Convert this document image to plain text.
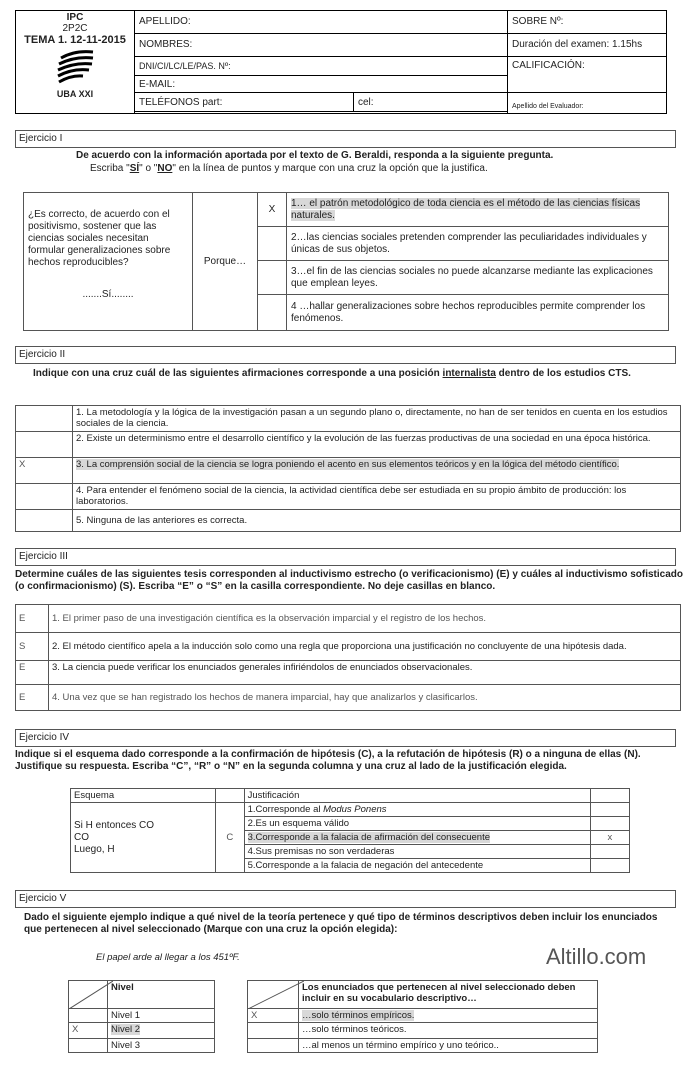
IPC
2P2C
TEMA 1. 12-11-2015
UBA XXI	APELLIDO:		SOBRE Nº:
	NOMBRES:		Duración del examen: 1.15hs
	DNI/CI/LC/LE/PAS. Nº:		CALIFICACIÓN:
	E-MAIL:		
	TELÉFONOS part:	cel:	Apellido del Evaluador:

Ejercicio I
De acuerdo con la información aportada por el texto de G. Beraldi, responda a la siguiente pregunta.
Escriba "SÍ" o "NO" en la línea de puntos y marque con una cruz la opción que la justifica.
¿Es correcto, de acuerdo con el positivismo, sostener que las ciencias sociales necesitan formular generalizaciones sobre hechos reproducibles?
.......Sí........	Porque…	X	1… el patrón metodológico de toda ciencia es el método de las ciencias físicas naturales.
			2…las ciencias sociales pretenden comprender las peculiaridades individuales y únicas de sus objetos.
			3…el fin de las ciencias sociales no puede alcanzarse mediante las explicaciones que emplean leyes.
			4 …hallar generalizaciones sobre hechos reproducibles permite comprender los fenómenos.
Ejercicio II
Indique con una cruz cuál de las siguientes afirmaciones corresponde a una posición internalista dentro de los estudios CTS.
	1. La metodología y la lógica de la investigación pasan a un segundo plano o, directamente, no han de ser tenidos en cuenta en los estudios sociales de la ciencia.
	2. Existe un determinismo entre el desarrollo científico y la evolución de las fuerzas productivas de una sociedad en una época histórica.
X	3. La comprensión social de la ciencia se logra poniendo el acento en sus elementos teóricos y en la lógica del método científico.
	4. Para entender el fenómeno social de la ciencia, la actividad científica debe ser estudiada en su propio ámbito de producción: los laboratorios.
	5. Ninguna de las anteriores es correcta.
Ejercicio III
Determine cuáles de las siguientes tesis corresponden al inductivismo estrecho (o verificacionismo) (E) y cuáles al inductivismo sofisticado (o confirmacionismo) (S). Escriba “E” o “S” en la casilla correspondiente. No deje casillas en blanco.
E	1. El primer paso de una investigación científica es la observación imparcial y el registro de los hechos.
S	2. El método científico apela a la inducción solo como una regla que proporciona una justificación no concluyente de una hipótesis dada.
E	3. La ciencia puede verificar los enunciados generales infiriéndolos de enunciados observacionales.
E	4. Una vez que se han registrado los hechos de manera imparcial, hay que analizarlos y clasificarlos.
Ejercicio IV
Indique si el esquema dado corresponde a la confirmación de hipótesis (C), a la refutación de hipótesis (R) o a ninguna de ellas (N). Justifique su respuesta. Escriba “C”, “R” o “N” en la segunda columna y una cruz al lado de la justificación elegida.
Esquema		Justificación	

Si H entonces CO
CO
Luego, H	C	1.Corresponde al Modus Ponens	
		2.Es un esquema válido	
		3.Corresponde a la falacia de afirmación del consecuente	x
		4.Sus premisas no son verdaderas	
		5.Corresponde a la falacia de negación del antecedente	
Ejercicio V
Dado el siguiente ejemplo indique a qué nivel de la teoría pertenece y qué tipo de términos descriptivos deben incluir los enunciados que pertenecen al nivel seleccionado (Marque con una cruz la opción elegida):
El papel arde al llegar a los 451ºF.	Altillo.com
	Nivel			Los enunciados que pertenecen al nivel seleccionado deben incluir en su vocabulario descriptivo…
	Nivel 1		X	…solo términos empíricos.
X	Nivel 2			…solo términos teóricos.
	Nivel 3			…al menos un término empírico y uno teórico..
